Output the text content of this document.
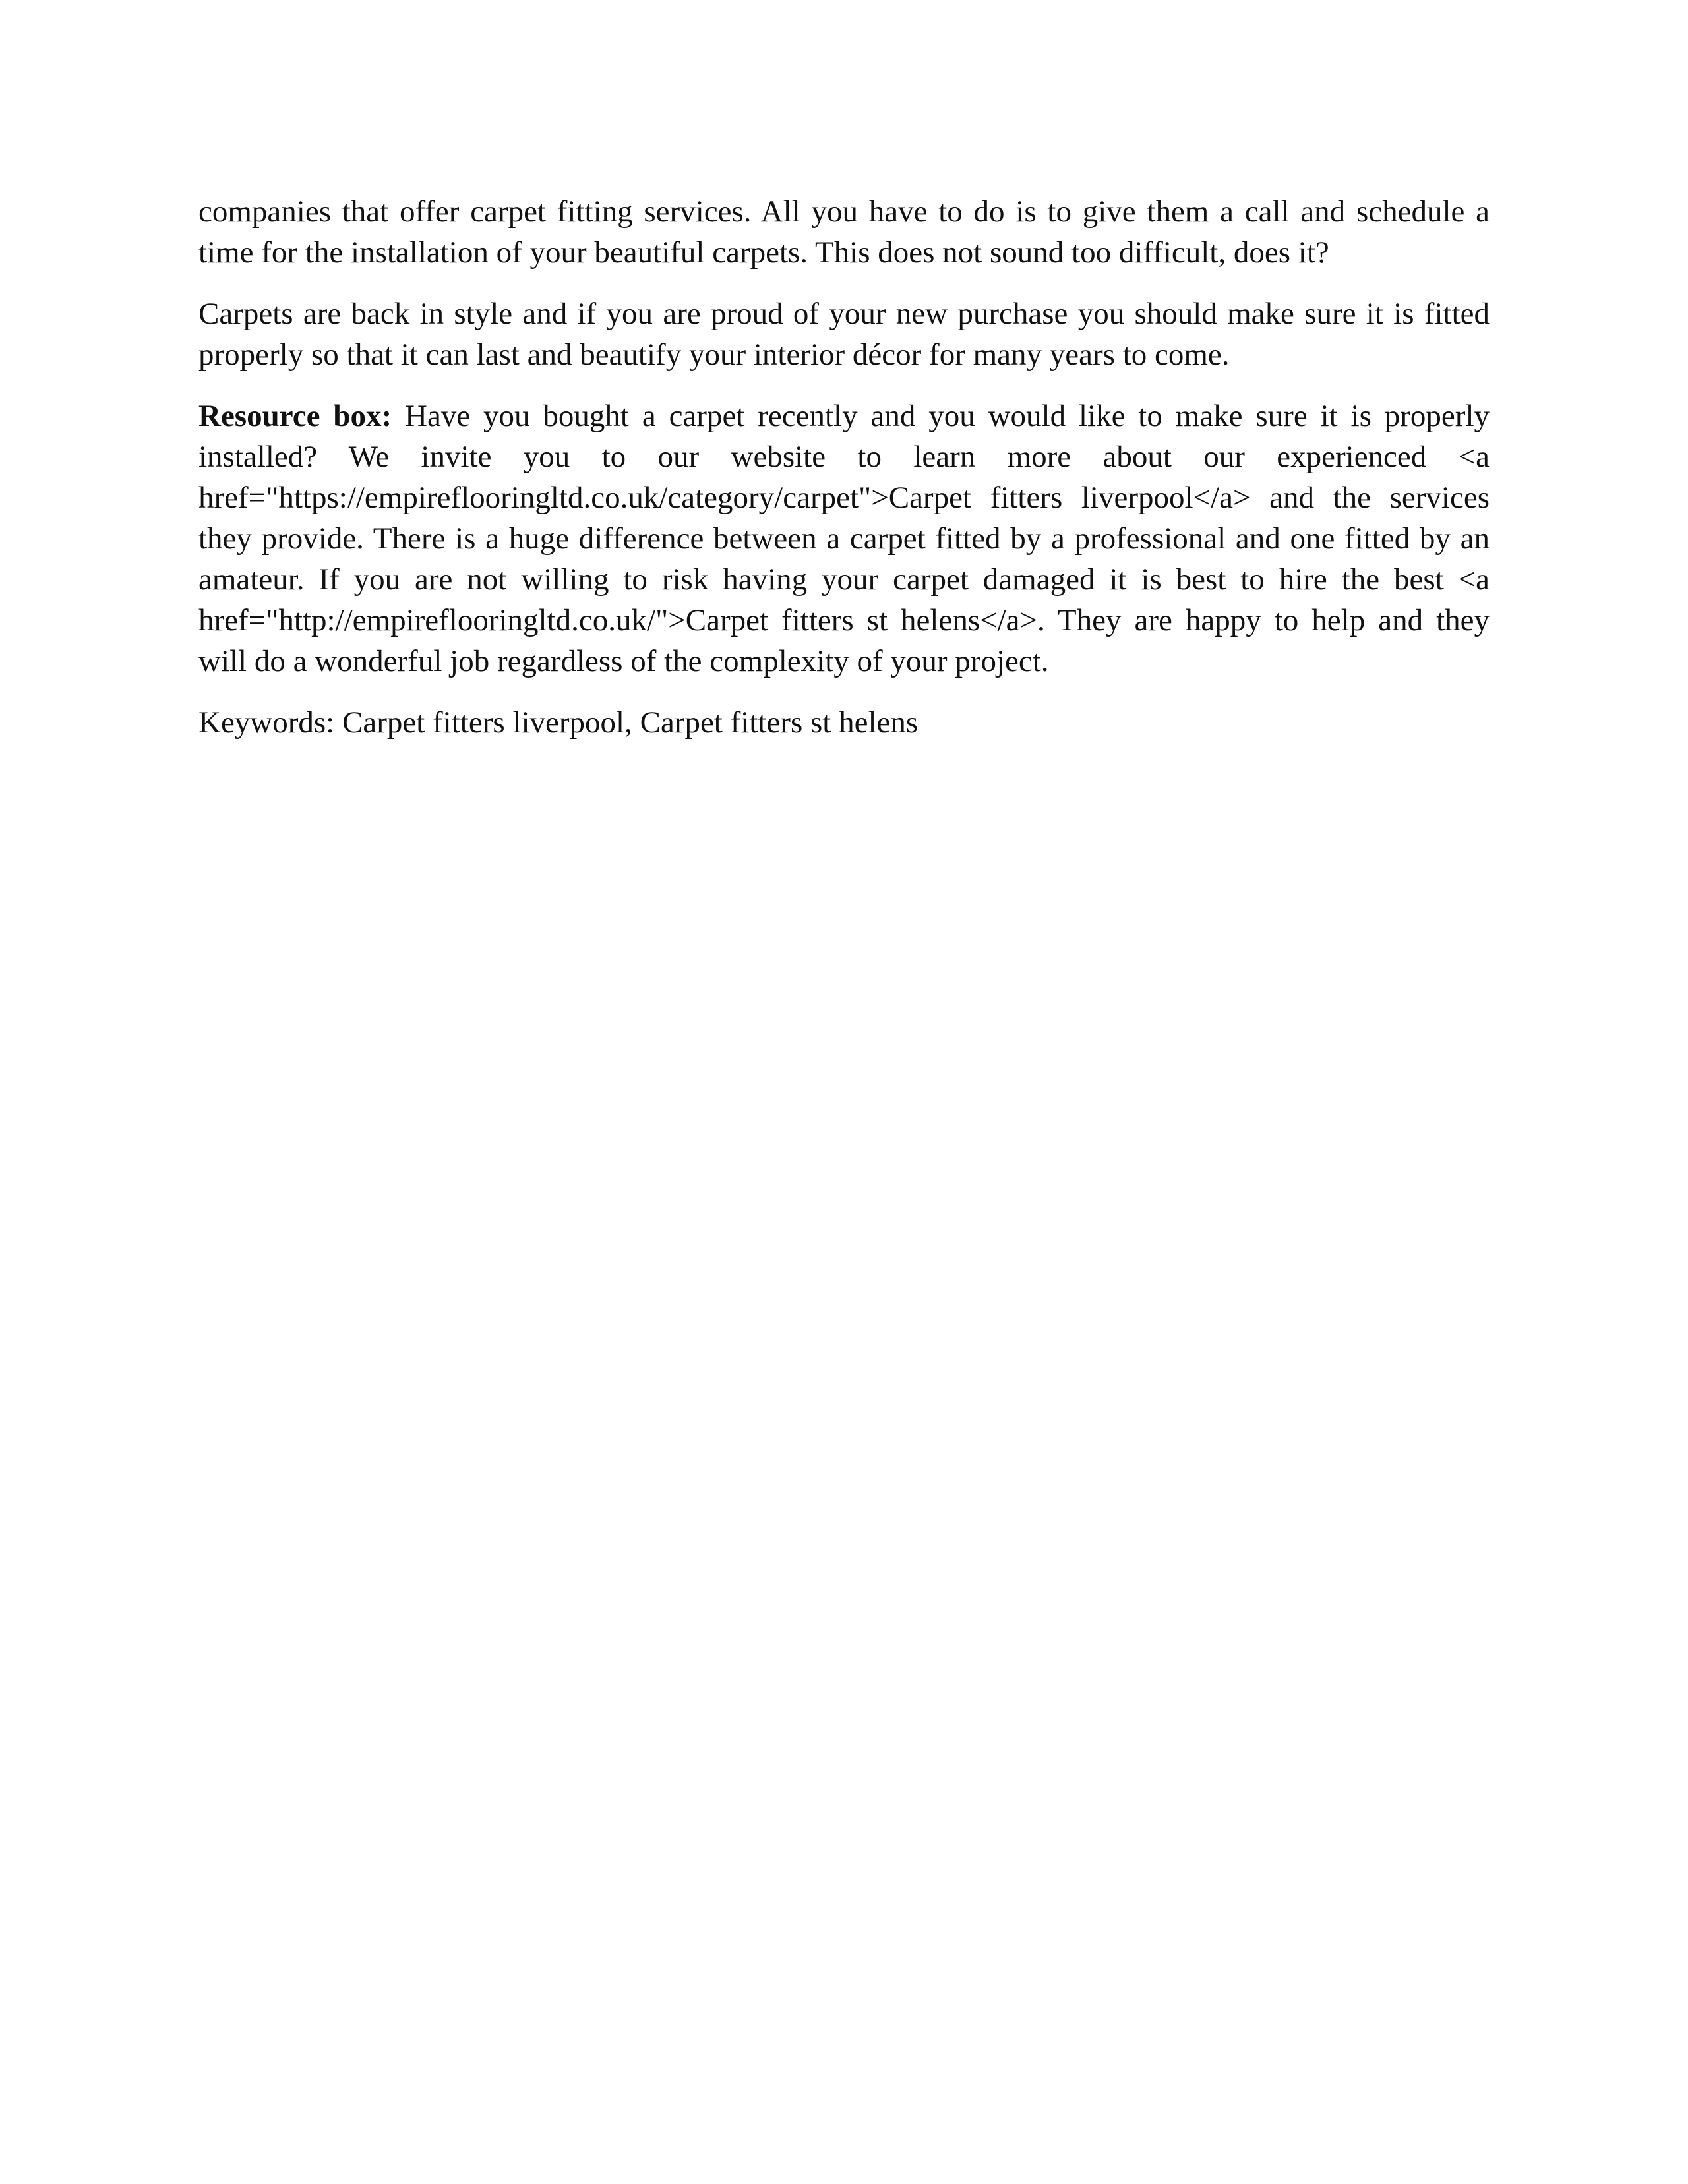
companies that offer carpet fitting services. All you have to do is to give them a call and schedule a time for the installation of your beautiful carpets. This does not sound too difficult, does it?

Carpets are back in style and if you are proud of your new purchase you should make sure it is fitted properly so that it can last and beautify your interior décor for many years to come.

Resource box: Have you bought a carpet recently and you would like to make sure it is properly installed? We invite you to our website to learn more about our experienced <a href="https://empireflooringltd.co.uk/category/carpet">Carpet fitters liverpool</a> and the services they provide. There is a huge difference between a carpet fitted by a professional and one fitted by an amateur. If you are not willing to risk having your carpet damaged it is best to hire the best <a href="http://empireflooringltd.co.uk/">Carpet fitters st helens</a>. They are happy to help and they will do a wonderful job regardless of the complexity of your project.

Keywords: Carpet fitters liverpool, Carpet fitters st helens
